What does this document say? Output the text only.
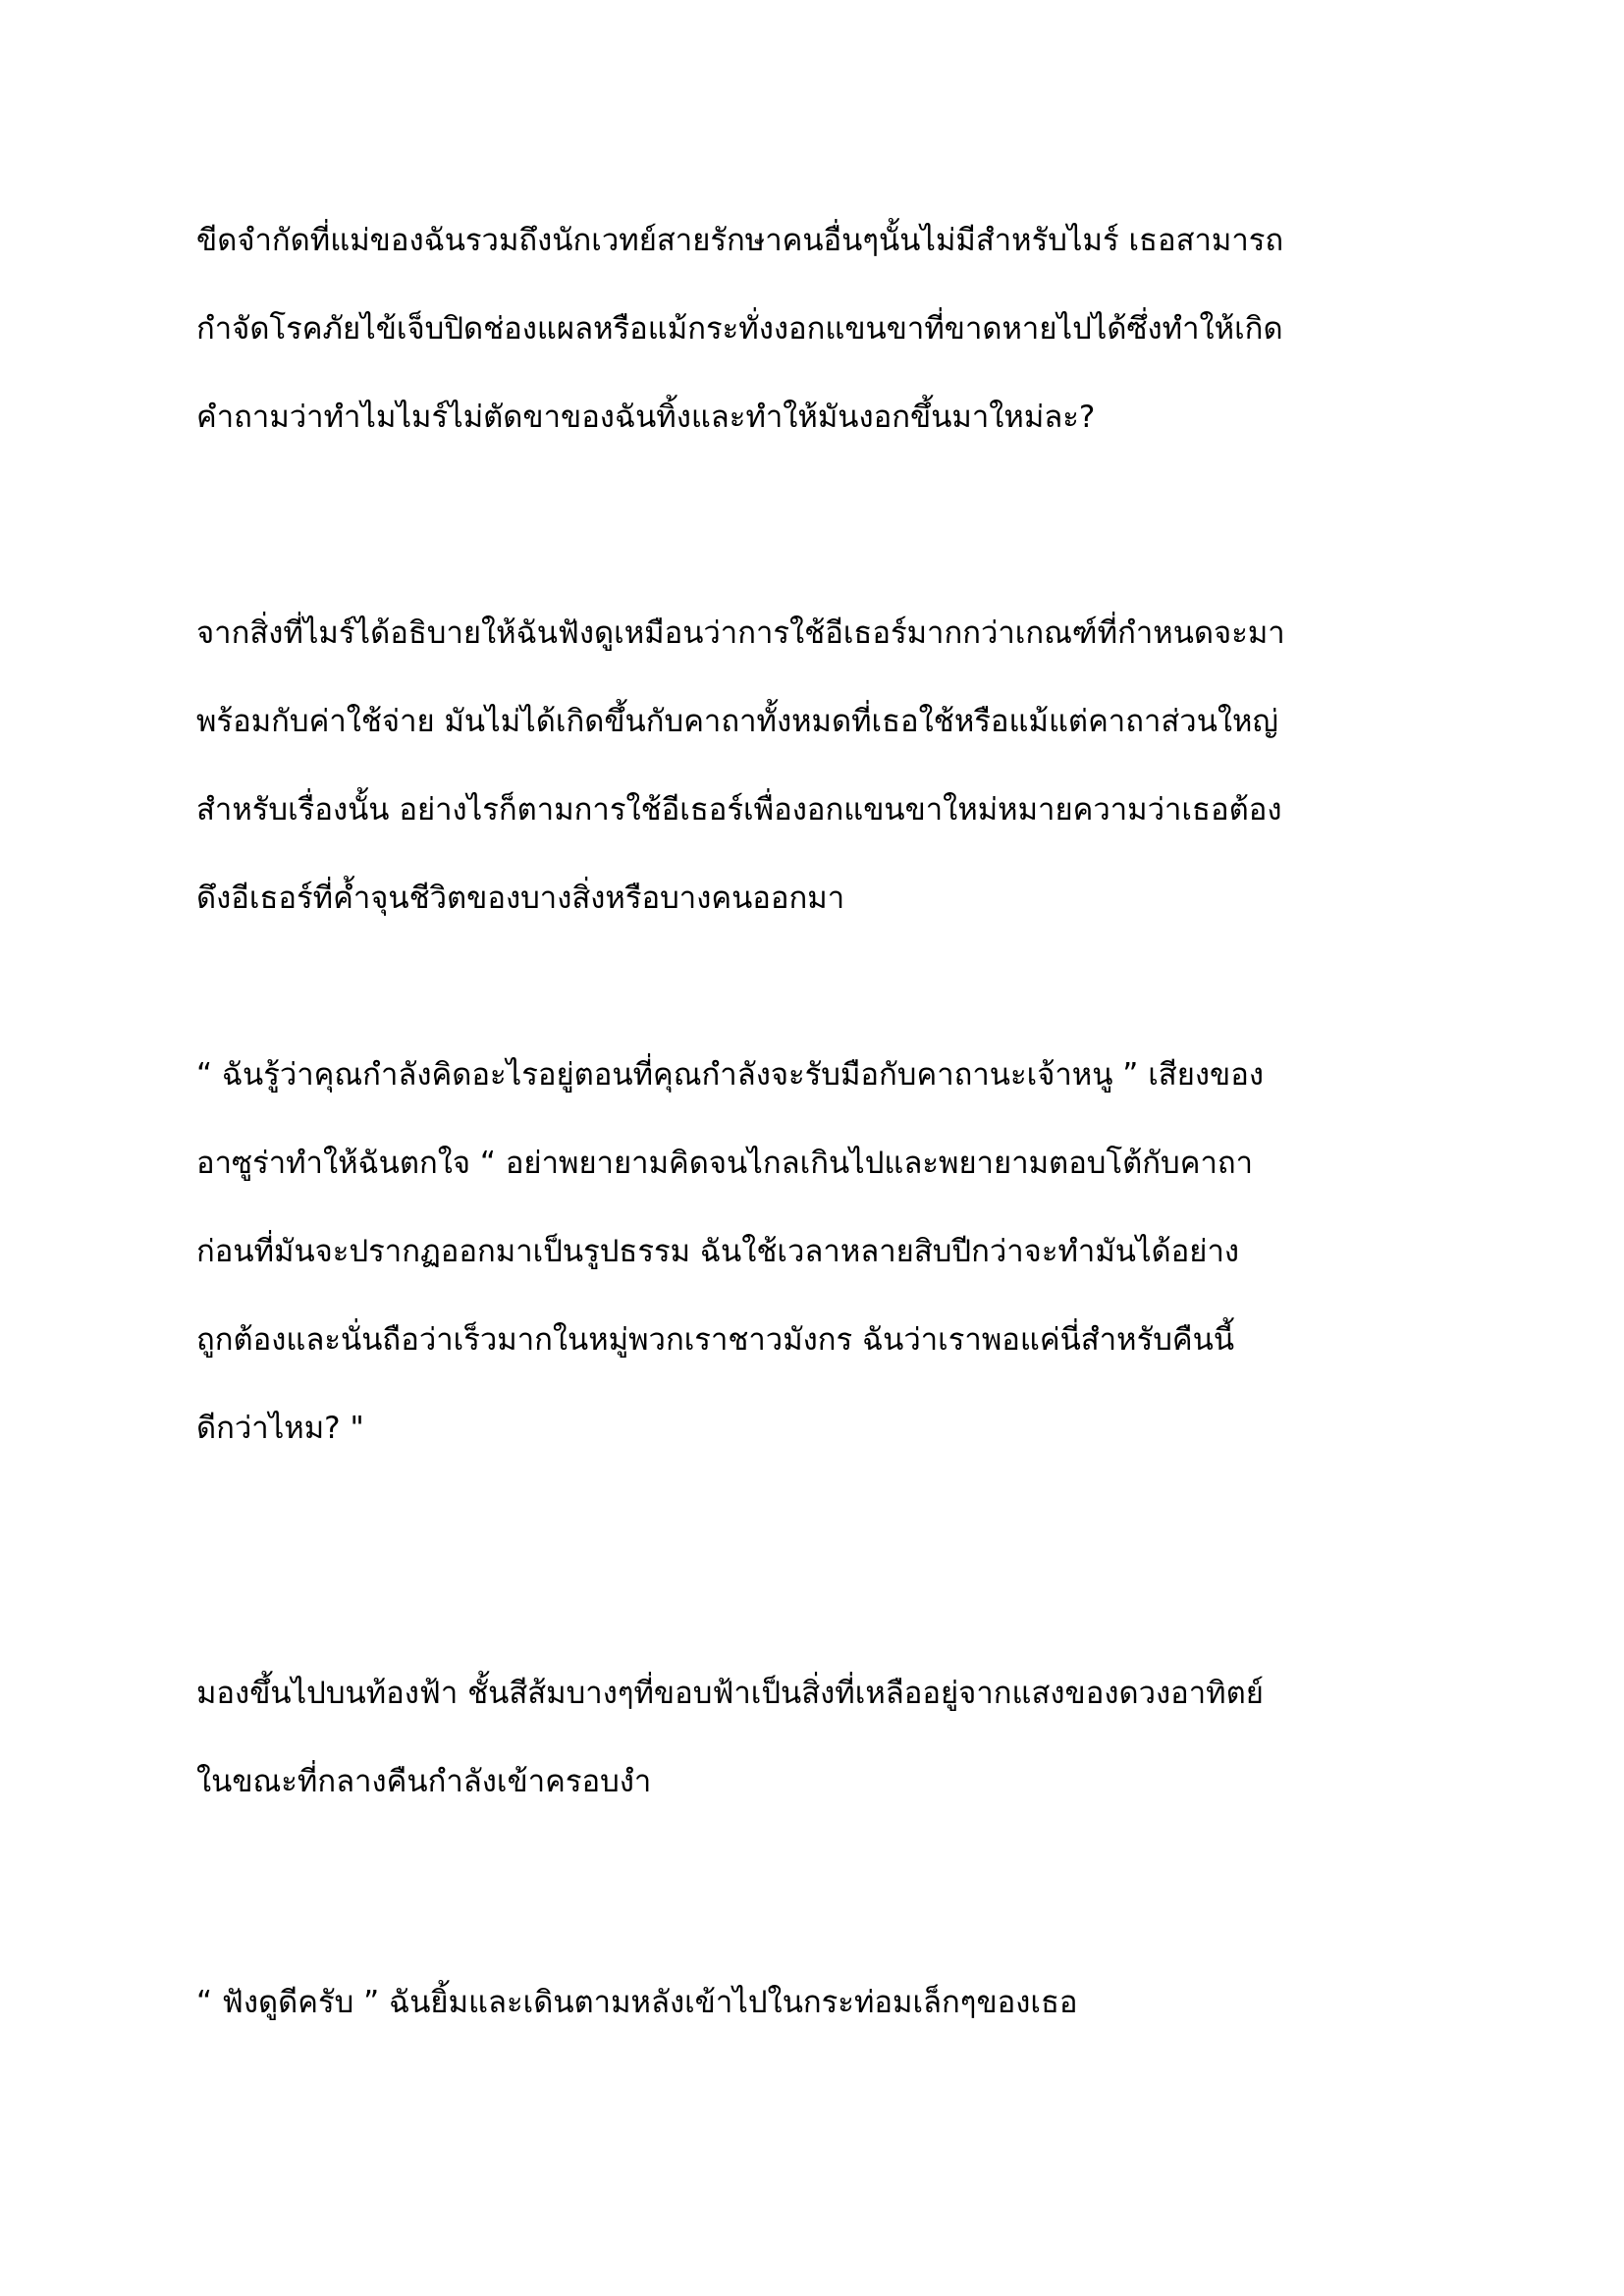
ขีดจำกัดที่แม่ของฉันรวมถึงนักเวทย์สายรักษาคนอื่นๆนั้นไม่มีสำหรับไมร์ เธอสามารถ
กำจัดโรคภัยไข้เจ็บปิดช่องแผลหรือแม้กระทั่งงอกแขนขาที่ขาดหายไปได้ซึ่งทำให้เกิด
คำถามว่าทำไมไมร์ไม่ตัดขาของฉันทิ้งและทำให้มันงอกขึ้นมาใหม่ละ?
จากสิ่งที่ไมร์ได้อธิบายให้ฉันฟังดูเหมือนว่าการใช้อีเธอร์มากกว่าเกณฑ์ที่กำหนดจะมา
พร้อมกับค่าใช้จ่าย มันไม่ได้เกิดขึ้นกับคาถาทั้งหมดที่เธอใช้หรือแม้แต่คาถาส่วนใหญ่
สำหรับเรื่องนั้น อย่างไรก็ตามการใช้อีเธอร์เพื่องอกแขนขาใหม่หมายความว่าเธอต้อง
ดึงอีเธอร์ที่ค้ำจุนชีวิตของบางสิ่งหรือบางคนออกมา
“ ฉันรู้ว่าคุณกำลังคิดอะไรอยู่ตอนที่คุณกำลังจะรับมือกับคาถานะเจ้าหนู ” เสียงของ
อาซูร่าทำให้ฉันตกใจ “ อย่าพยายามคิดจนไกลเกินไปและพยายามตอบโต้กับคาถา
ก่อนที่มันจะปรากฏออกมาเป็นรูปธรรม ฉันใช้เวลาหลายสิบปีกว่าจะทำมันได้อย่าง
ถูกต้องและนั่นถือว่าเร็วมากในหมู่พวกเราชาวมังกร ฉันว่าเราพอแค่นี่สำหรับคืนนี้
ดีกว่าไหม? "
มองขึ้นไปบนท้องฟ้า ชั้นสีส้มบางๆที่ขอบฟ้าเป็นสิ่งที่เหลืออยู่จากแสงของดวงอาทิตย์
ในขณะที่กลางคืนกำลังเข้าครอบงำ
“ ฟังดูดีครับ ” ฉันยิ้มและเดินตามหลังเข้าไปในกระท่อมเล็กๆของเธอ
